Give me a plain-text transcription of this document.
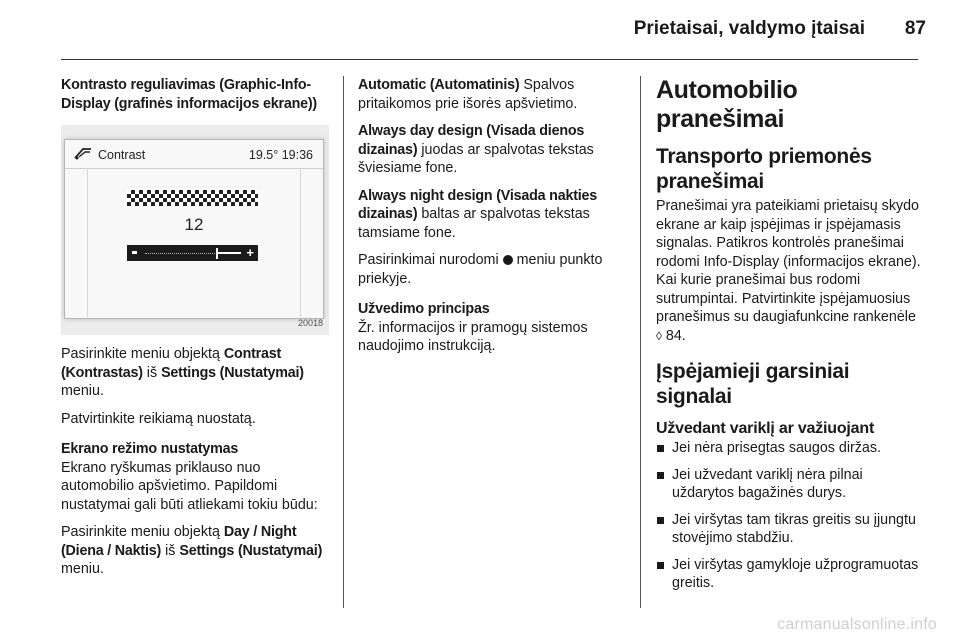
Prietaisai, valdymo įtaisai	87

Kontrasto reguliavimas (Graphic-Info-Display (grafinės informacijos ekrane))

Contrast	19.5° 19:36
12
+
20018

Pasirinkite meniu objektą Contrast (Kontrastas) iš Settings (Nustatymai) meniu.

Patvirtinkite reikiamą nuostatą.

Ekrano režimo nustatymas

Ekrano ryškumas priklauso nuo automobilio apšvietimo. Papildomi nustatymai gali būti atliekami tokiu būdu:

Pasirinkite meniu objektą Day / Night (Diena / Naktis) iš Settings (Nustatymai) meniu.

Automatic (Automatinis) Spalvos pritaikomos prie išorės apšvietimo.

Always day design (Visada dienos dizainas) juodas ar spalvotas tekstas šviesiame fone.

Always night design (Visada nakties dizainas) baltas ar spalvotas tekstas tamsiame fone.

Pasirinkimai nurodomi  meniu punkto priekyje.

Užvedimo principas

Žr. informacijos ir pramogų sistemos naudojimo instrukciją.

Automobilio pranešimai
Transporto priemonės pranešimai

Pranešimai yra pateikiami prietaisų skydo ekrane ar kaip įspėjimas ir įspėjamasis signalas. Patikros kontrolės pranešimai rodomi Info-Display (informacijos ekrane). Kai kurie pranešimai bus rodomi sutrumpintai. Patvirtinkite įspėjamuosius pranešimus su daugiafunkcine rankenėle ◊ 84.

Įspėjamieji garsiniai signalai
Užvedant variklį ar važiuojant
Jei nėra prisegtas saugos diržas.
Jei užvedant variklį nėra pilnai uždarytos bagažinės durys.
Jei viršytas tam tikras greitis su įjungtu stovėjimo stabdžiu.
Jei viršytas gamykloje užprogramuotas greitis.
carmanualsonline.info
